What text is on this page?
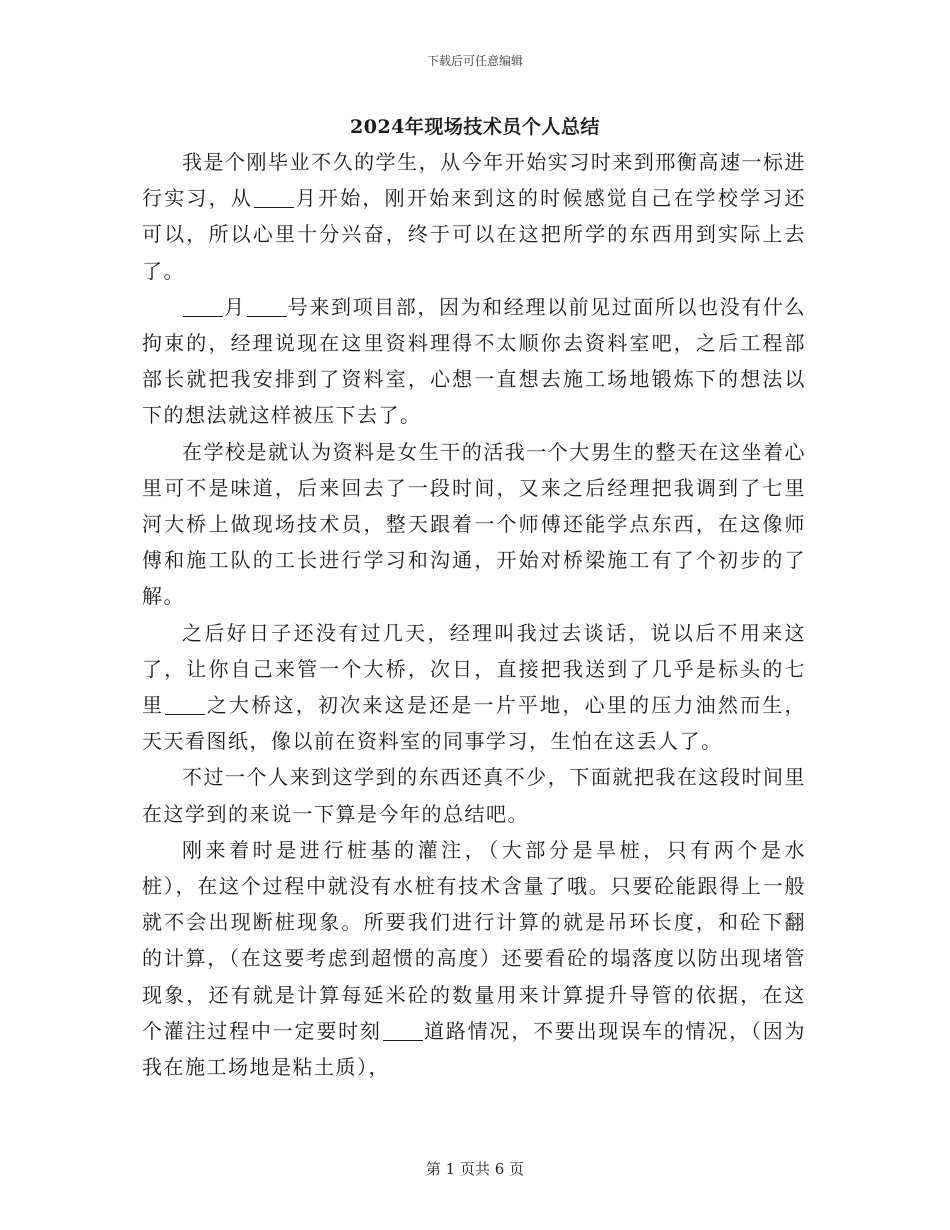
下载后可任意编辑
2024年现场技术员个人总结

我是个刚毕业不久的学生，从今年开始实习时来到邢衡高速一标进行实习，从 月开始，刚开始来到这的时候感觉自己在学校学习还可以，所以心里十分兴奋，终于可以在这把所学的东西用到实际上去了。

月 号来到项目部，因为和经理以前见过面所以也没有什么拘束的，经理说现在这里资料理得不太顺你去资料室吧，之后工程部部长就把我安排到了资料室，心想一直想去施工场地锻炼下的想法以下的想法就这样被压下去了。

在学校是就认为资料是女生干的活我一个大男生的整天在这坐着心里可不是味道，后来回去了一段时间，又来之后经理把我调到了七里河大桥上做现场技术员，整天跟着一个师傅还能学点东西，在这像师傅和施工队的工长进行学习和沟通，开始对桥梁施工有了个初步的了解。

之后好日子还没有过几天，经理叫我过去谈话，说以后不用来这了，让你自己来管一个大桥，次日，直接把我送到了几乎是标头的七里 之大桥这，初次来这是还是一片平地，心里的压力油然而生，天天看图纸，像以前在资料室的同事学习，生怕在这丢人了。

不过一个人来到这学到的东西还真不少，下面就把我在这段时间里在这学到的来说一下算是今年的总结吧。

刚来着时是进行桩基的灌注，（大部分是旱桩，只有两个是水桩），在这个过程中就没有水桩有技术含量了哦。只要砼能跟得上一般就不会出现断桩现象。所要我们进行计算的就是吊环长度，和砼下翻的计算，（在这要考虑到超惯的高度）还要看砼的塌落度以防出现堵管现象，还有就是计算每延米砼的数量用来计算提升导管的依据，在这个灌注过程中一定要时刻 道路情况，不要出现误车的情况，（因为我在施工场地是粘土质），

第 1 页共 6 页
